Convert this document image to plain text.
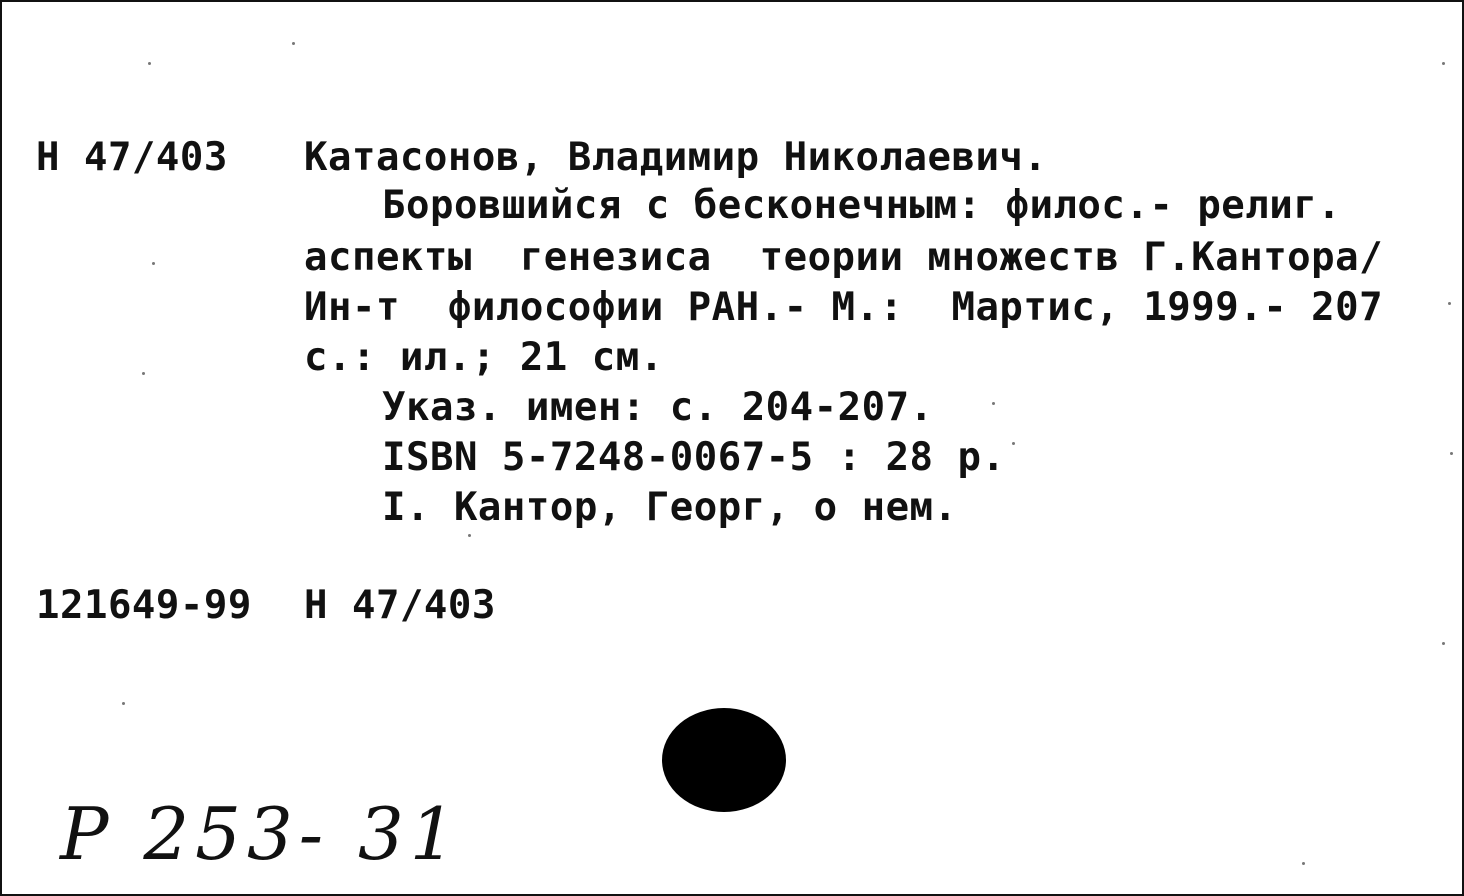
Н 47/403 Катасонов, Владимир Николаевич.
Боровшийся с бесконечным: филос.- религ.
аспекты  генезиса  теории множеств Г.Кантора/
Ин-т  философии РАН.- М.:  Мартис, 1999.- 207
с.: ил.; 21 см.
Указ. имен: с. 204-207.
ISBN 5-7248-0067-5 : 28 р.
I. Кантор, Георг, о нем.
121649-99 Н 47/403
Р 253- 31
